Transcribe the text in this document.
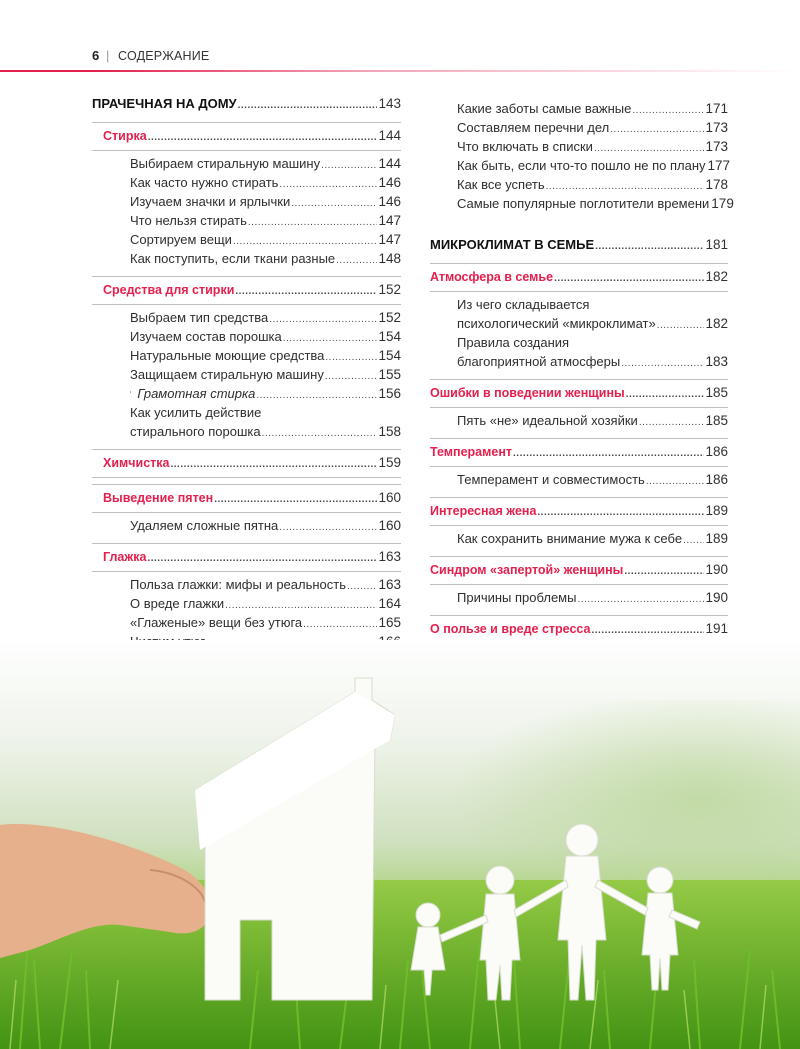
6 | СОДЕРЖАНИЕ
ПРАЧЕЧНАЯ НА ДОМУ .....	143
Стирка .....	144
Выбираем стиральную машину .....	144
Как часто нужно стирать .....	146
Изучаем значки и ярлычки .....	146
Что нельзя стирать .....	147
Сортируем вещи .....	147
Как поступить, если ткани разные .....	148
Средства для стирки .....	152
Выбраем тип средства .....	152
Изучаем состав порошка .....	154
Натуральные моющие средства .....	154
Защищаем стиральную машину .....	155
Грамотная стирка .....	156
Как усилить действие
стирального порошка .....	158
Химчистка .....	159
Выведение пятен .....	160
Удаляем сложные пятна .....	160
Глажка .....	163
Польза глажки: мифы и реальность ..... 163
О вреде глажки .....	164
«Глаженые» вещи без утюга .....	165
.....
.....
.....
.....
.....
Какие заботы самые важные .....	171
Составляем перечни дел .....	173
Что включать в списки .....	173
Как быть, если что-то пошло не по плану 177
Как все успеть .....	178
Самые популярные поглотители времени 179
МИКРОКЛИМАТ В СЕМЬЕ .....	181
Атмосфера в семье .....	182
Из чего складывается
психологический «микроклимат» .....	182
Правила создания
благоприятной атмосферы .....	183
Ошибки в поведении женщины .....	185
Пять «не» идеальной хозяйки .....	185
Темперамент .....	186
Темперамент и совместимость .....	186
Интересная жена .....	189
Как сохранить внимание мужа к себе ..... 189
Синдром «запертой» женщины .....	190
Причины проблемы .....	190
О пользе и вреде стресса .....	191
.....
.....
.....
.....
.....
.....
